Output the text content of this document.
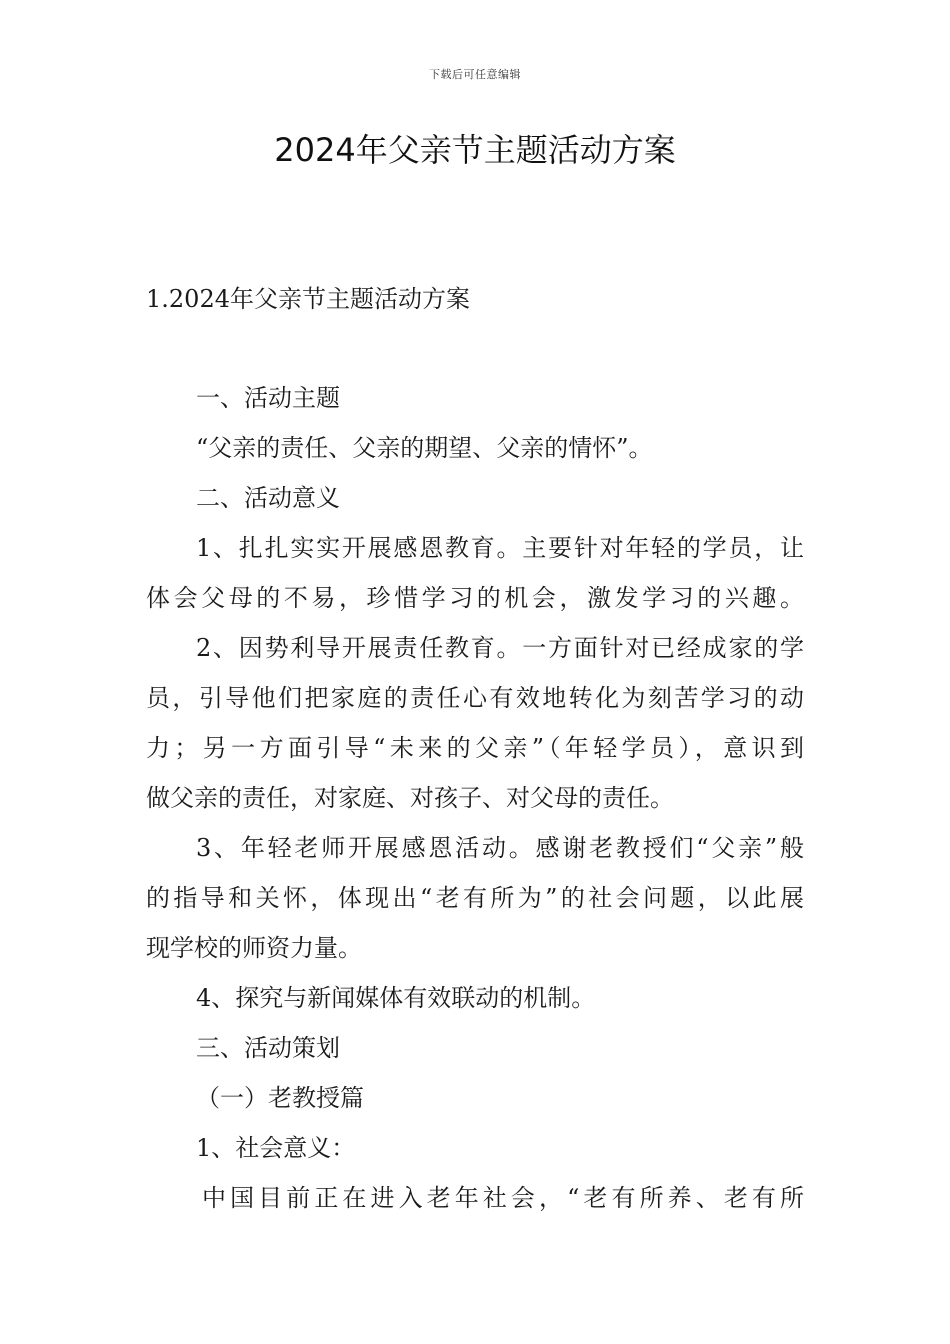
下载后可任意编辑
2024年父亲节主题活动方案
1.2024年父亲节主题活动方案
一、活动主题
“父亲的责任、父亲的期望、父亲的情怀”。
二、活动意义
1、扎扎实实开展感恩教育。主要针对年轻的学员，让
体会父母的不易，珍惜学习的机会，激发学习的兴趣。
2、因势利导开展责任教育。一方面针对已经成家的学
员，引导他们把家庭的责任心有效地转化为刻苦学习的动
力；另一方面引导“未来的父亲”（年轻学员），意识到
做父亲的责任，对家庭、对孩子、对父母的责任。
3、年轻老师开展感恩活动。感谢老教授们“父亲”般
的指导和关怀，体现出“老有所为”的社会问题，以此展
现学校的师资力量。
4、探究与新闻媒体有效联动的机制。
三、活动策划
（一）老教授篇
1、社会意义：
中国目前正在进入老年社会，“老有所养、老有所
